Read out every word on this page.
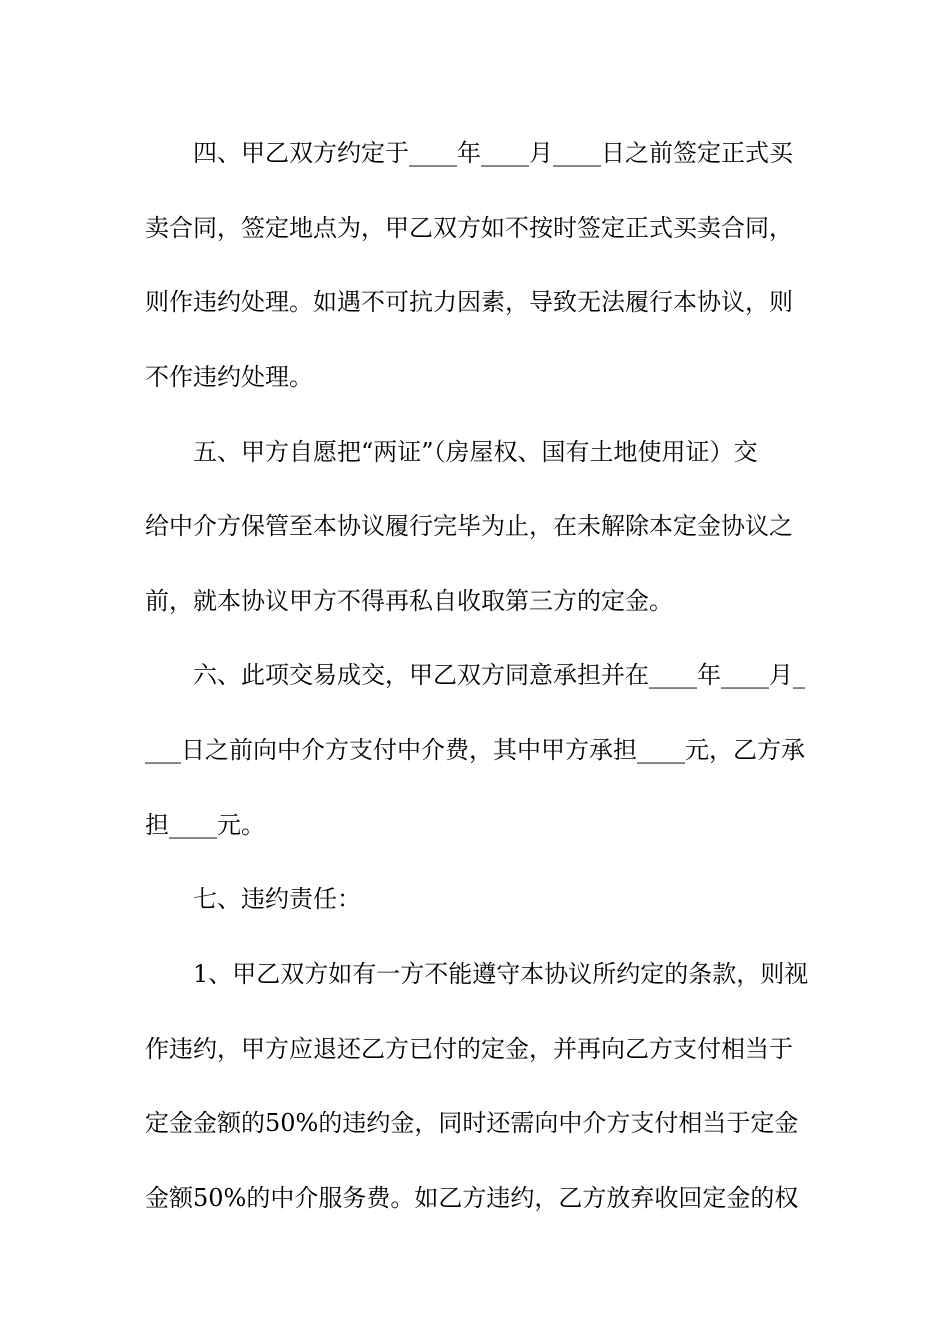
四、甲乙双方约定于____年____月____日之前签定正式买
卖合同，签定地点为，甲乙双方如不按时签定正式买卖合同，
则作违约处理。如遇不可抗力因素，导致无法履行本协议，则
不作违约处理。
五、甲方自愿把“两证”（房屋权、国有土地使用证）交
给中介方保管至本协议履行完毕为止，在未解除本定金协议之
前，就本协议甲方不得再私自收取第三方的定金。
六、此项交易成交，甲乙双方同意承担并在____年____月_
___日之前向中介方支付中介费，其中甲方承担____元，乙方承
担____元。
七、违约责任：
1、甲乙双方如有一方不能遵守本协议所约定的条款，则视
作违约，甲方应退还乙方已付的定金，并再向乙方支付相当于
定金金额的50%的违约金，同时还需向中介方支付相当于定金
金额50%的中介服务费。如乙方违约，乙方放弃收回定金的权
